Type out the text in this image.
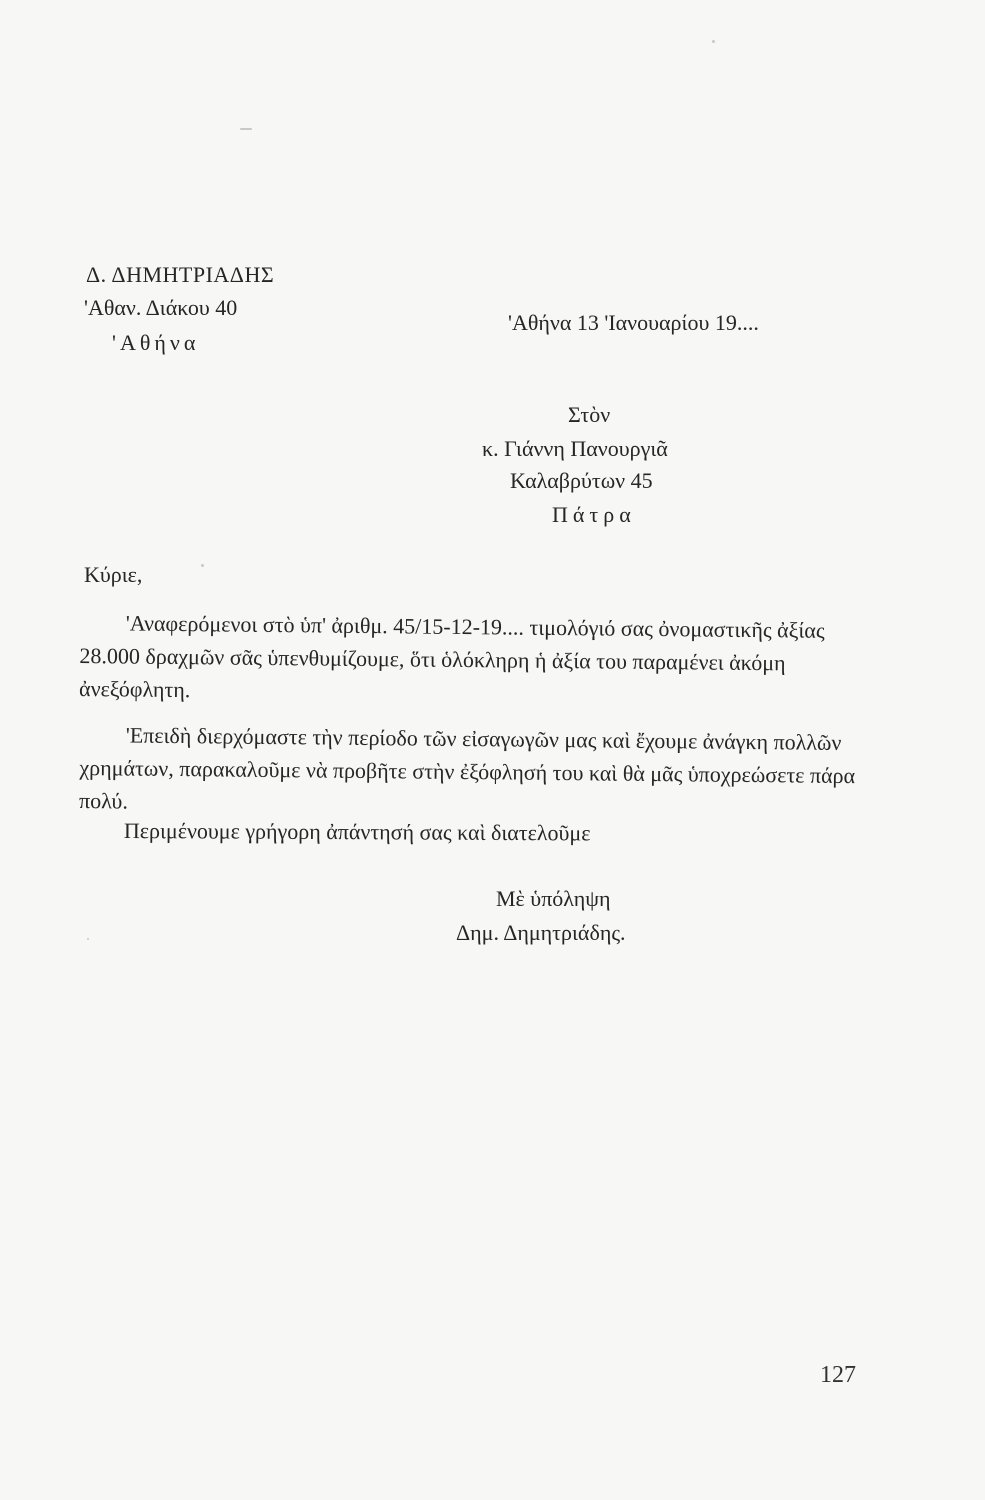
Δ. ΔΗΜΗΤΡΙΑΔΗΣ
'Αθαν. Διάκου 40
'Αθήνα
'Αθήνα 13 'Ιανουαρίου 19....
Στὸν
κ. Γιάννη Πανουργιᾶ
Καλαβρύτων 45
Πάτρα
Κύριε,
'Αναφερόμενοι στὸ ὑπ' ἀριθμ. 45/15-12-19.... τιμολόγιό σας ὀνομαστικῆς ἀξίας 28.000 δραχμῶν σᾶς ὑπενθυμίζουμε, ὅτι ὁλόκληρη ἡ ἀξία του παραμένει ἀκόμη ἀνεξόφλητη.
'Επειδὴ διερχόμαστε τὴν περίοδο τῶν εἰσαγωγῶν μας καὶ ἔχουμε ἀνάγκη πολλῶν χρημάτων, παρακαλοῦμε νὰ προβῆτε στὴν ἐξόφλησή του καὶ θὰ μᾶς ὑποχρεώσετε πάρα πολύ.
Περιμένουμε γρήγορη ἀπάντησή σας καὶ διατελοῦμε
Μὲ ὑπόληψη
Δημ. Δημητριάδης.
127
